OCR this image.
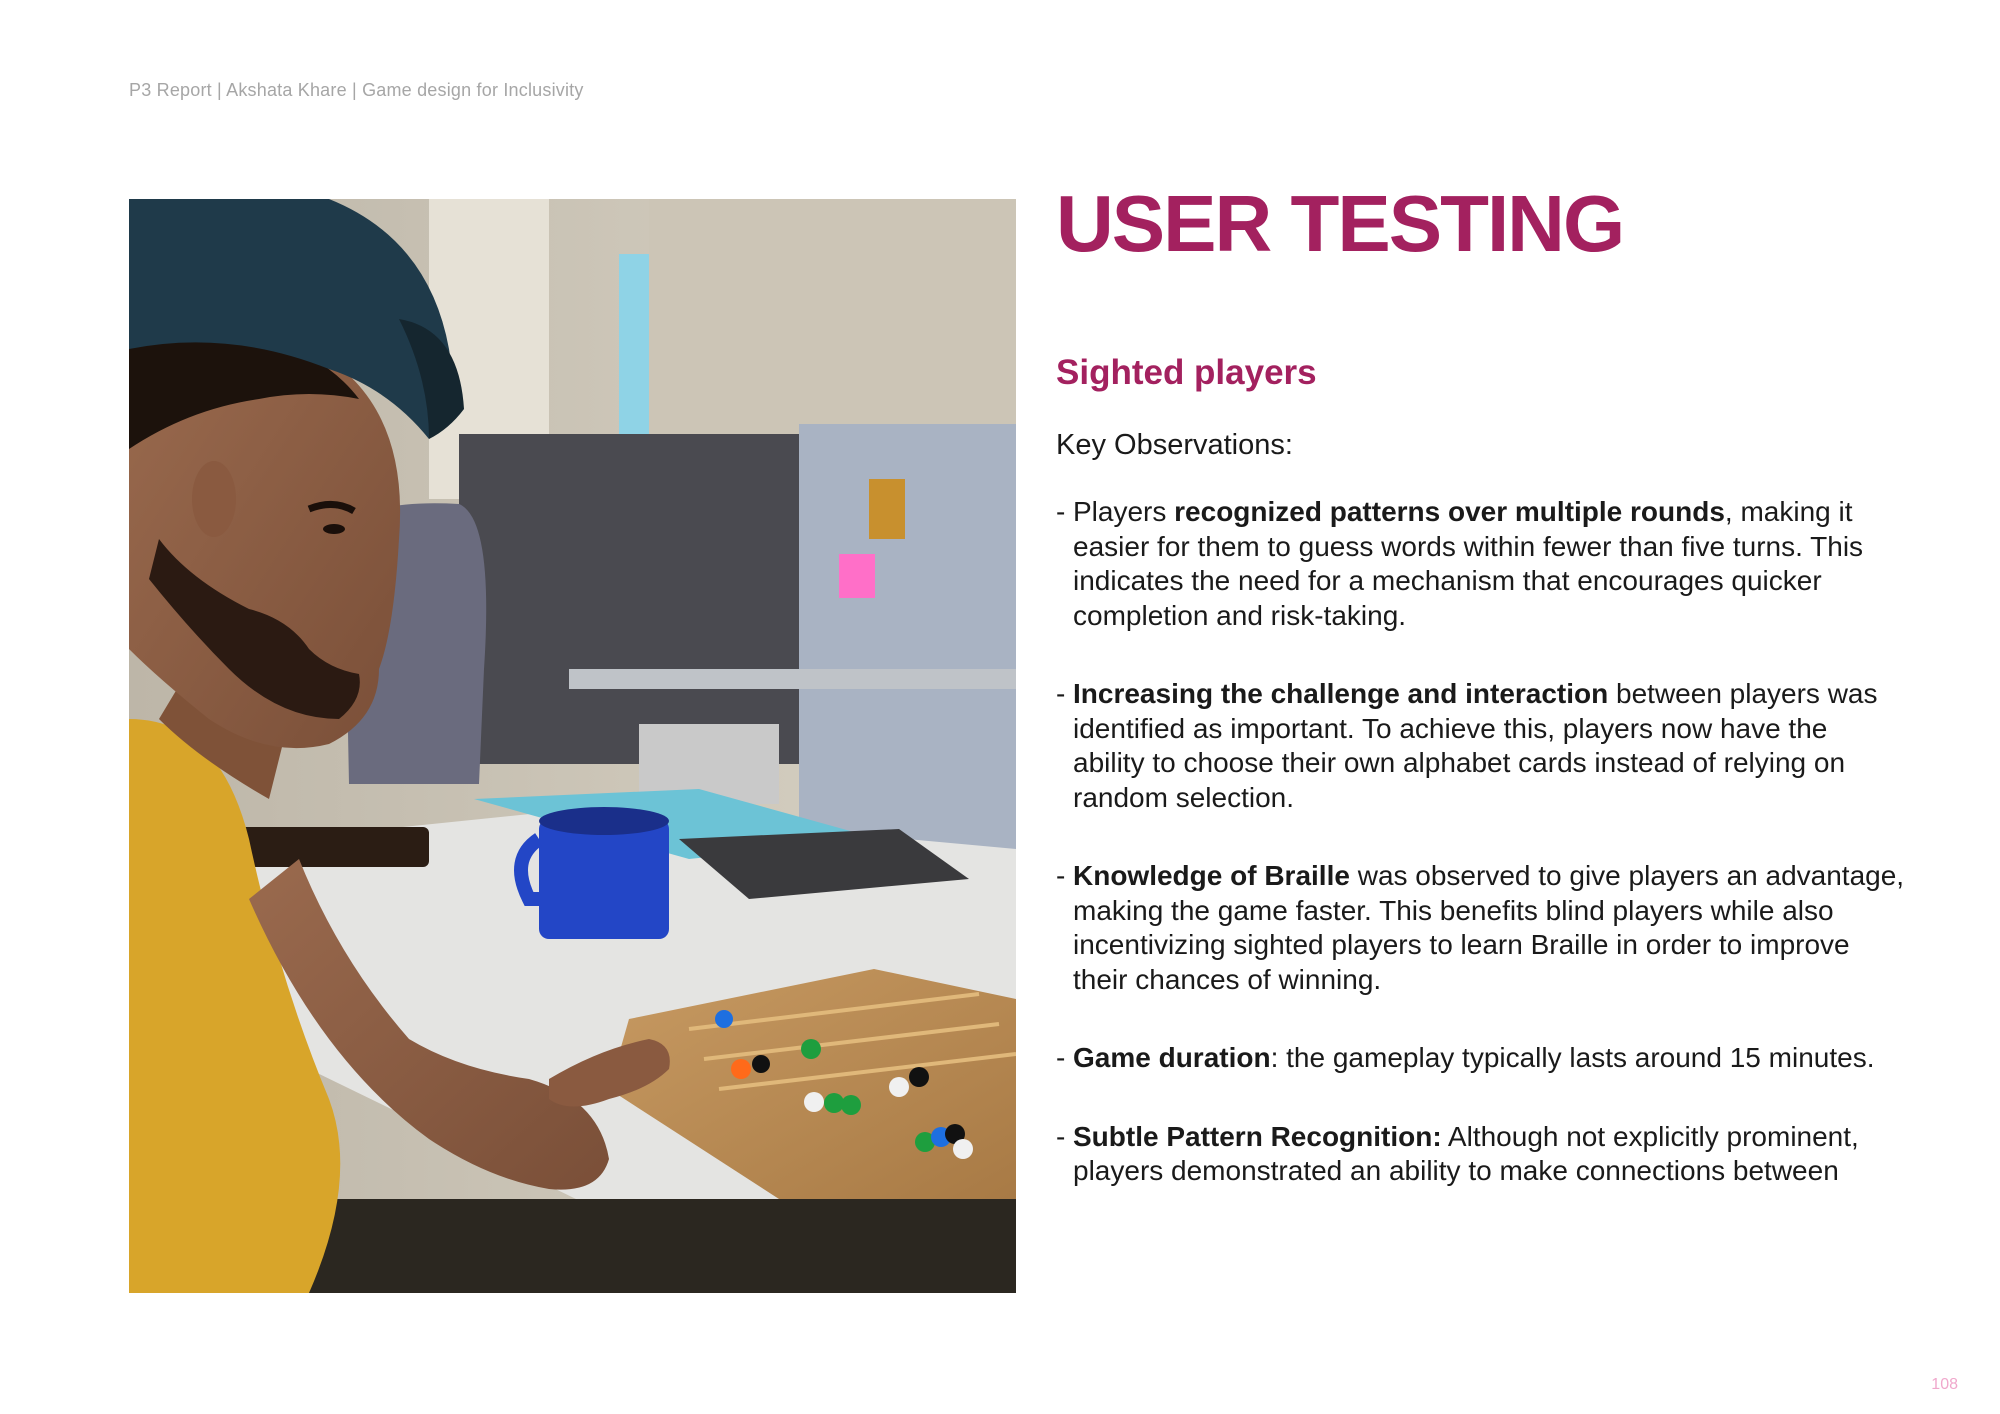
P3 Report | Akshata Khare | Game design for Inclusivity
USER TESTING
Sighted players

Key Observations:

- Players recognized patterns over multiple rounds, making it easier for them to guess words within fewer than five turns. This indicates the need for a mechanism that encourages quicker completion and risk-taking.
- Increasing the challenge and interaction between players was identified as important. To achieve this, players now have the ability to choose their own alphabet cards instead of relying on random selection.
- Knowledge of Braille was observed to give players an advantage, making the game faster. This benefits blind players while also incentivizing sighted players to learn Braille in order to improve their chances of winning.
- Game duration: the gameplay typically lasts around 15 minutes.
- Subtle Pattern Recognition: Although not explicitly prominent, players demonstrated an ability to make connections between
108
